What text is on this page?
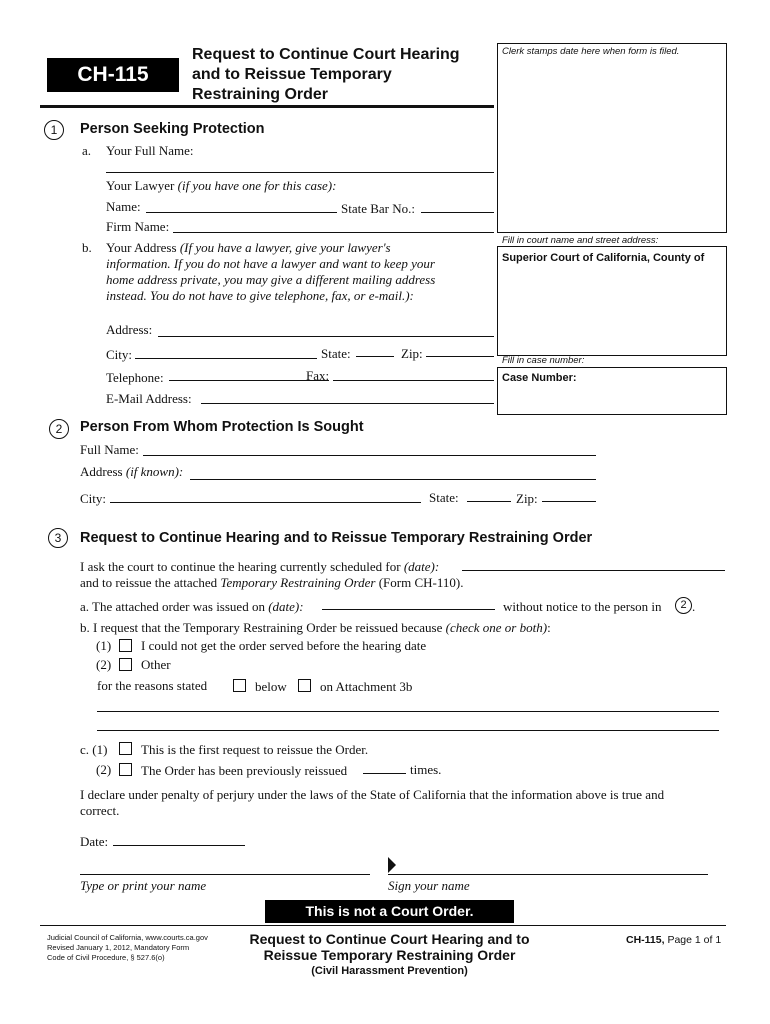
CH-115
Request to Continue Court Hearing
and to Reissue Temporary
Restraining Order
Clerk stamps date here when form is filed.
Fill in court name and street address:
Superior Court of California, County of
Fill in case number:
Case Number:
1	Person Seeking Protection
a. Your Full Name:
Your Lawyer (if you have one for this case):
Name:	State Bar No.:
Firm Name:
b. Your Address (If you have a lawyer, give your lawyer's
information. If you do not have a lawyer and want to keep your
home address private, you may give a different mailing address
instead. You do not have to give telephone, fax, or e-mail.):
Address:
City:	State:	Zip:
Telephone:	Fax:
E-Mail Address:
2	Person From Whom Protection Is Sought
Full Name:
Address (if known):
City:	State:	Zip:
3	Request to Continue Hearing and to Reissue Temporary Restraining Order
I ask the court to continue the hearing currently scheduled for (date):
and to reissue the attached Temporary Restraining Order (Form CH-110).
a. The attached order was issued on (date):	without notice to the person in	2 .
b. I request that the Temporary Restraining Order be reissued because (check one or both):
(1) I could not get the order served before the hearing date
(2) Other
for the reasons stated	below	on Attachment 3b
c. (1)	This is the first request to reissue the Order.
(2) The Order has been previously reissued	times.
I declare under penalty of perjury under the laws of the State of California that the information above is true and
correct.
Date:
Type or print your name	Sign your name
This is not a Court Order.
Judicial Council of California, www.courts.ca.gov
Revised January 1, 2012, Mandatory Form
Code of Civil Procedure, § 527.6(o)
Request to Continue Court Hearing and to
Reissue Temporary Restraining Order
(Civil Harassment Prevention)
CH-115, Page 1 of 1
